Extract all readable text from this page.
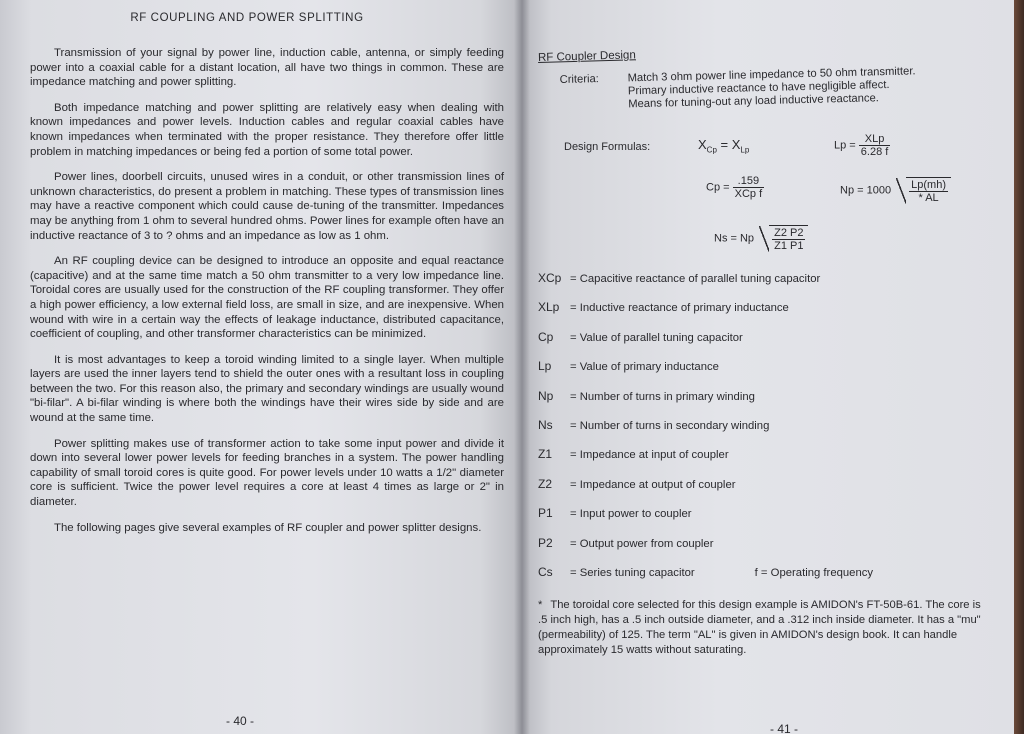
RF COUPLING AND POWER SPLITTING

Transmission of your signal by power line, induction cable, antenna, or simply feeding power into a coaxial cable for a distant location, all have two things in common. These are impedance matching and power splitting.

Both impedance matching and power splitting are relatively easy when dealing with known impedances and power levels. Induction cables and regular coaxial cables have known impedances when terminated with the proper resistance. They therefore offer little problem in matching impedances or being fed a portion of some total power.

Power lines, doorbell circuits, unused wires in a conduit, or other transmission lines of unknown characteristics, do present a problem in matching. These types of transmission lines may have a reactive component which could cause de-tuning of the transmitter. Impedances may be anything from 1 ohm to several hundred ohms. Power lines for example often have an inductive reactance of 3 to ? ohms and an impedance as low as 1 ohm.

An RF coupling device can be designed to introduce an opposite and equal reactance (capacitive) and at the same time match a 50 ohm transmitter to a very low impedance line. Toroidal cores are usually used for the construction of the RF coupling transformer. They offer a high power efficiency, a low external field loss, are small in size, and are inexpensive. When wound with wire in a certain way the effects of leakage inductance, distributed capacitance, coefficient of coupling, and other transformer characteristics can be minimized.

It is most advantages to keep a toroid winding limited to a single layer. When multiple layers are used the inner layers tend to shield the outer ones with a resultant loss in coupling between the two. For this reason also, the primary and secondary windings are usually wound "bi-filar". A bi-filar winding is where both the windings have their wires side by side and are wound at the same time.

Power splitting makes use of transformer action to take some input power and divide it down into several lower power levels for feeding branches in a system. The power handling capability of small toroid cores is quite good. For power levels under 10 watts a 1/2" diameter core is sufficient. Twice the power level requires a core at least 4 times as large or 2" in diameter.

The following pages give several examples of RF coupler and power splitter designs.

- 40 -
RF Coupler Design
Criteria:	Match 3 ohm power line impedance to 50 ohm transmitter.
Primary inductive reactance to have negligible affect.
Means for tuning-out any load inductive reactance.
Design Formulas:	$X_{Cp} = X_{Lp}$	$Lp = \frac{\text{XLp}}{6.28 f}$
$Cp = \frac{.159}{\text{XCp f}}$	$Np = 1000 \frac{Lp(mh)}{* AL}$
Ns = Np $\frac{Z2 P2}{Z1 P1}$
XCp = Capacitive reactance of parallel tuning capacitor
XLp = Inductive reactance of primary inductance
Cp	= Value of parallel tuning capacitor
Lp	= Value of primary inductance
Np	= Number of turns in primary winding
Ns	= Number of turns in secondary winding
Z1	= Impedance at input of coupler
Z2	= Impedance at output of coupler
P1	= Input power to coupler
P2	= Output power from coupler
Cs	= Series tuning capacitor	f = Operating frequency
* The toroidal core selected for this design example is AMIDON's FT-50B-61. The core is .5 inch high, has a .5 inch outside diameter, and a .312 inch inside diameter. It has a "mu" (permeability) of 125. The term "AL" is given in AMIDON's design book. It can handle approximately 15 watts without saturating.
- 41 -
